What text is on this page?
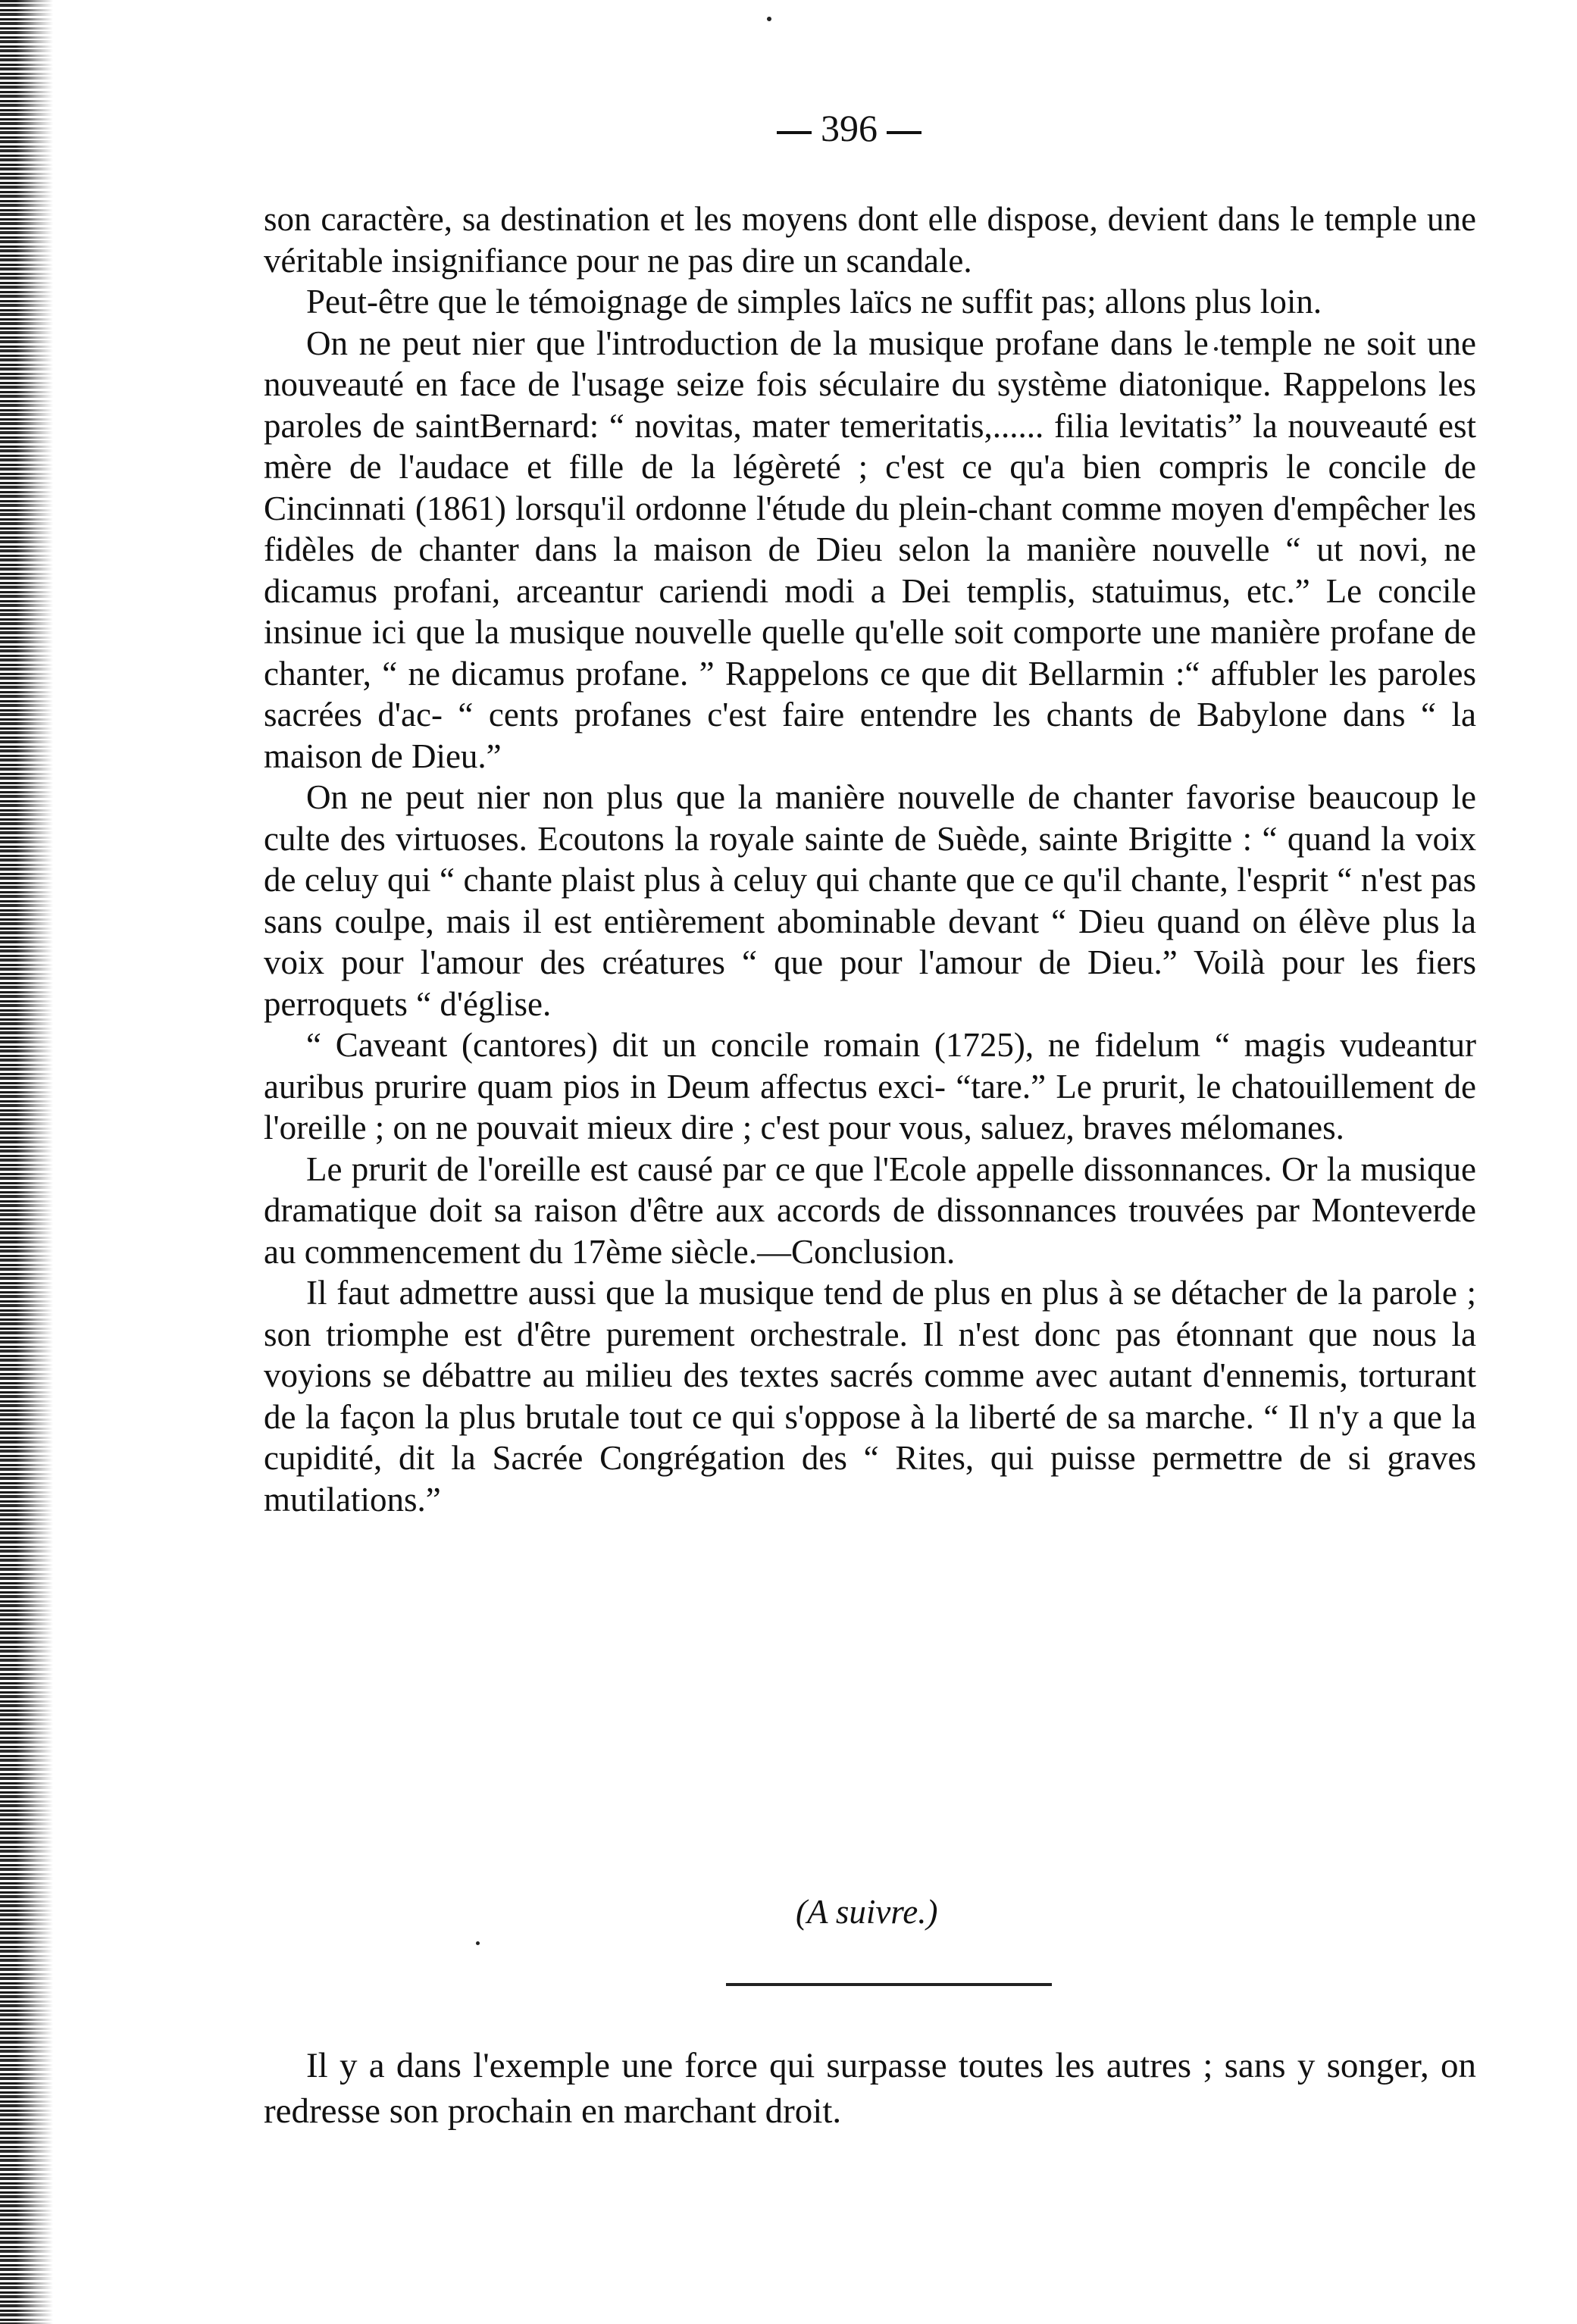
396

son caractère, sa destination et les moyens dont elle dispose, devient dans le temple une véritable insignifiance pour ne pas dire un scandale.

Peut-être que le témoignage de simples laïcs ne suffit pas; allons plus loin.

On ne peut nier que l'introduction de la musique profane dans le temple ne soit une nouveauté en face de l'usage seize fois séculaire du système diatonique. Rappelons les paroles de saintBernard: “ novitas, mater temeritatis,...... filia levitatis” la nouveauté est mère de l'audace et fille de la légèreté ; c'est ce qu'a bien compris le concile de Cincinnati (1861) lorsqu'il ordonne l'étude du plein-chant comme moyen d'empêcher les fidèles de chanter dans la maison de Dieu selon la manière nouvelle “ ut novi, ne dicamus profani, arceantur cariendi modi a Dei templis, statuimus, etc.” Le concile insinue ici que la musique nouvelle quelle qu'elle soit comporte une manière profane de chanter, “ ne dicamus profane. ” Rappelons ce que dit Bellarmin :“ affubler les paroles sacrées d'ac- “ cents profanes c'est faire entendre les chants de Babylone dans “ la maison de Dieu.”

On ne peut nier non plus que la manière nouvelle de chanter favorise beaucoup le culte des virtuoses. Ecoutons la royale sainte de Suède, sainte Brigitte : “ quand la voix de celuy qui “ chante plaist plus à celuy qui chante que ce qu'il chante, l'esprit “ n'est pas sans coulpe, mais il est entièrement abominable devant “ Dieu quand on élève plus la voix pour l'amour des créatures “ que pour l'amour de Dieu.” Voilà pour les fiers perroquets “ d'église.

“ Caveant (cantores) dit un concile romain (1725), ne fidelum “ magis vudeantur auribus prurire quam pios in Deum affectus exci- “tare.” Le prurit, le chatouillement de l'oreille ; on ne pouvait mieux dire ; c'est pour vous, saluez, braves mélomanes.

Le prurit de l'oreille est causé par ce que l'Ecole appelle dissonnances. Or la musique dramatique doit sa raison d'être aux accords de dissonnances trouvées par Monteverde au commencement du 17ème siècle.—Conclusion.

Il faut admettre aussi que la musique tend de plus en plus à se détacher de la parole ; son triomphe est d'être purement orchestrale. Il n'est donc pas étonnant que nous la voyions se débattre au milieu des textes sacrés comme avec autant d'ennemis, torturant de la façon la plus brutale tout ce qui s'oppose à la liberté de sa marche. “ Il n'y a que la cupidité, dit la Sacrée Congrégation des “ Rites, qui puisse permettre de si graves mutilations.”

(A suivre.)

Il y a dans l'exemple une force qui surpasse toutes les autres ; sans y songer, on redresse son prochain en marchant droit.
